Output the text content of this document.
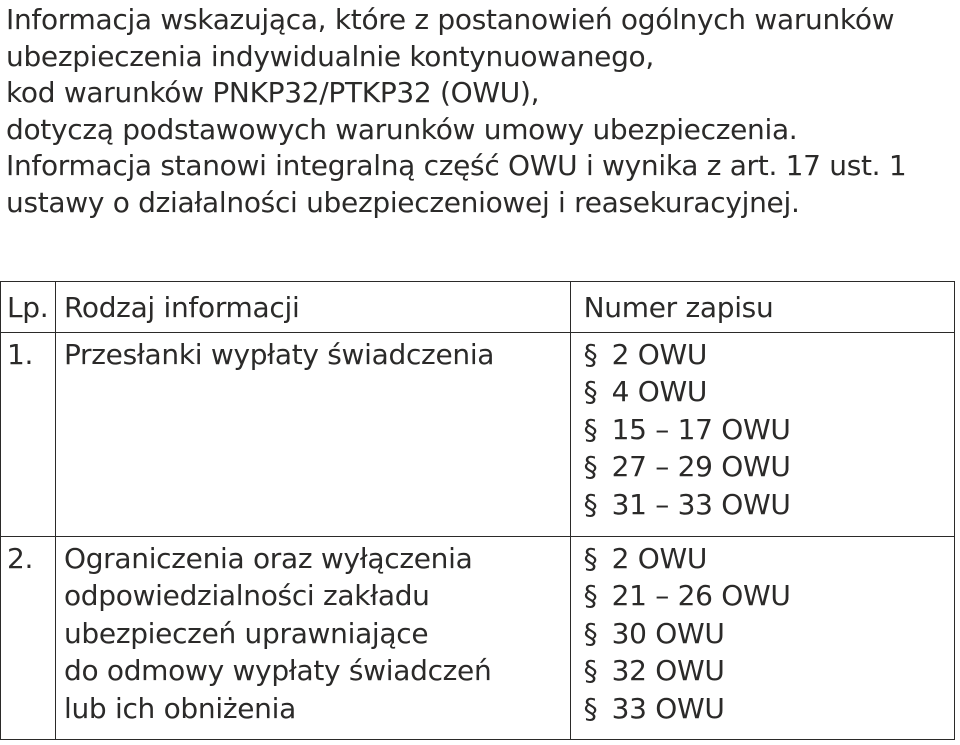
Informacja wskazująca, które z postanowień ogólnych warunków
ubezpieczenia indywidualnie kontynuowanego,
kod warunków PNKP32/PTKP32 (OWU),
dotyczą podstawowych warunków umowy ubezpieczenia.
Informacja stanowi integralną część OWU i wynika z art. 17 ust. 1
ustawy o działalności ubezpieczeniowej i reasekuracyjnej.
Lp.	Rodzaj informacji	Numer zapisu

1.	Przesłanki wypłaty świadczenia	§ 2 OWU
§ 4 OWU
§ 15 – 17 OWU
§ 27 – 29 OWU
§ 31 – 33 OWU

2.	Ograniczenia oraz wyłączenia
odpowiedzialności zakładu
ubezpieczeń uprawniające
do odmowy wypłaty świadczeń
lub ich obniżenia	§ 2 OWU
§ 21 – 26 OWU
§ 30 OWU
§ 32 OWU
§ 33 OWU
